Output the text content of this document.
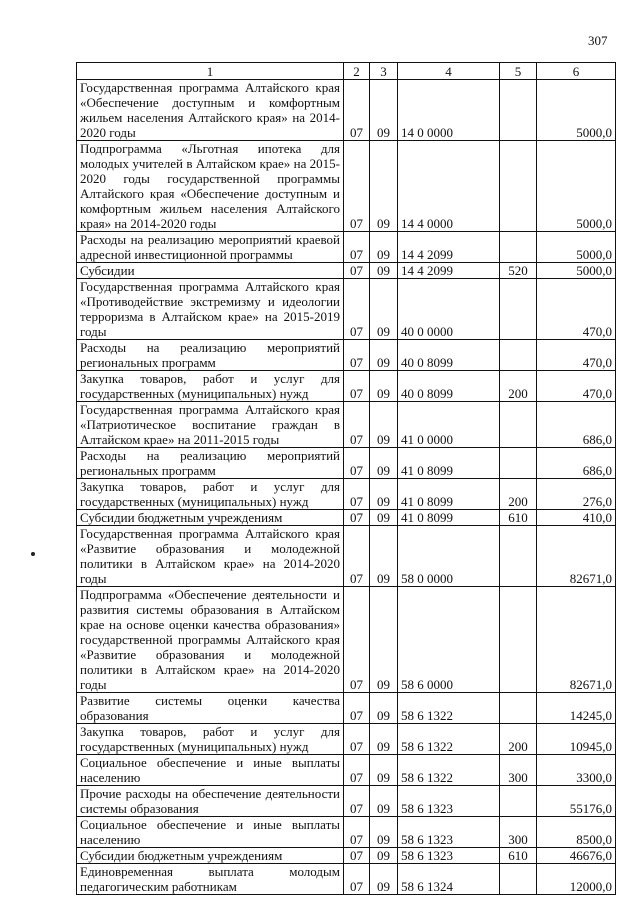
307
1	2	3	4	5	6
Государственная программа Алтайского края «Обеспечение доступным и комфортным жильем населения Алтайского края» на 2014-2020 годы	07	09	14 0 0000		5000,0
Подпрограмма «Льготная ипотека для молодых учителей в Алтайском крае» на 2015-2020 годы государственной программы Алтайского края «Обеспечение доступным и комфортным жильем населения Алтайского края» на 2014-2020 годы	07	09	14 4 0000		5000,0
Расходы на реализацию мероприятий краевой адресной инвестиционной программы	07	09	14 4 2099		5000,0
Субсидии	07	09	14 4 2099	520	5000,0
Государственная программа Алтайского края «Противодействие экстремизму и идеологии терроризма в Алтайском крае» на 2015-2019 годы	07	09	40 0 0000		470,0
Расходы на реализацию мероприятий региональных программ	07	09	40 0 8099		470,0
Закупка товаров, работ и услуг для государственных (муниципальных) нужд	07	09	40 0 8099	200	470,0
Государственная программа Алтайского края «Патриотическое воспитание граждан в Алтайском крае» на 2011-2015 годы	07	09	41 0 0000		686,0
Расходы на реализацию мероприятий региональных программ	07	09	41 0 8099		686,0
Закупка товаров, работ и услуг для государственных (муниципальных) нужд	07	09	41 0 8099	200	276,0
Субсидии бюджетным учреждениям	07	09	41 0 8099	610	410,0
Государственная программа Алтайского края «Развитие образования и молодежной политики в Алтайском крае» на 2014-2020 годы	07	09	58 0 0000		82671,0
Подпрограмма «Обеспечение деятельности и развития системы образования в Алтайском крае на основе оценки качества образования» государственной программы Алтайского края «Развитие образования и молодежной политики в Алтайском крае» на 2014-2020 годы	07	09	58 6 0000		82671,0
Развитие системы оценки качества образования	07	09	58 6 1322		14245,0
Закупка товаров, работ и услуг для государственных (муниципальных) нужд	07	09	58 6 1322	200	10945,0
Социальное обеспечение и иные выплаты населению	07	09	58 6 1322	300	3300,0
Прочие расходы на обеспечение деятельности системы образования	07	09	58 6 1323		55176,0
Социальное обеспечение и иные выплаты населению	07	09	58 6 1323	300	8500,0
Субсидии бюджетным учреждениям	07	09	58 6 1323	610	46676,0
Единовременная выплата молодым педагогическим работникам	07	09	58 6 1324		12000,0
